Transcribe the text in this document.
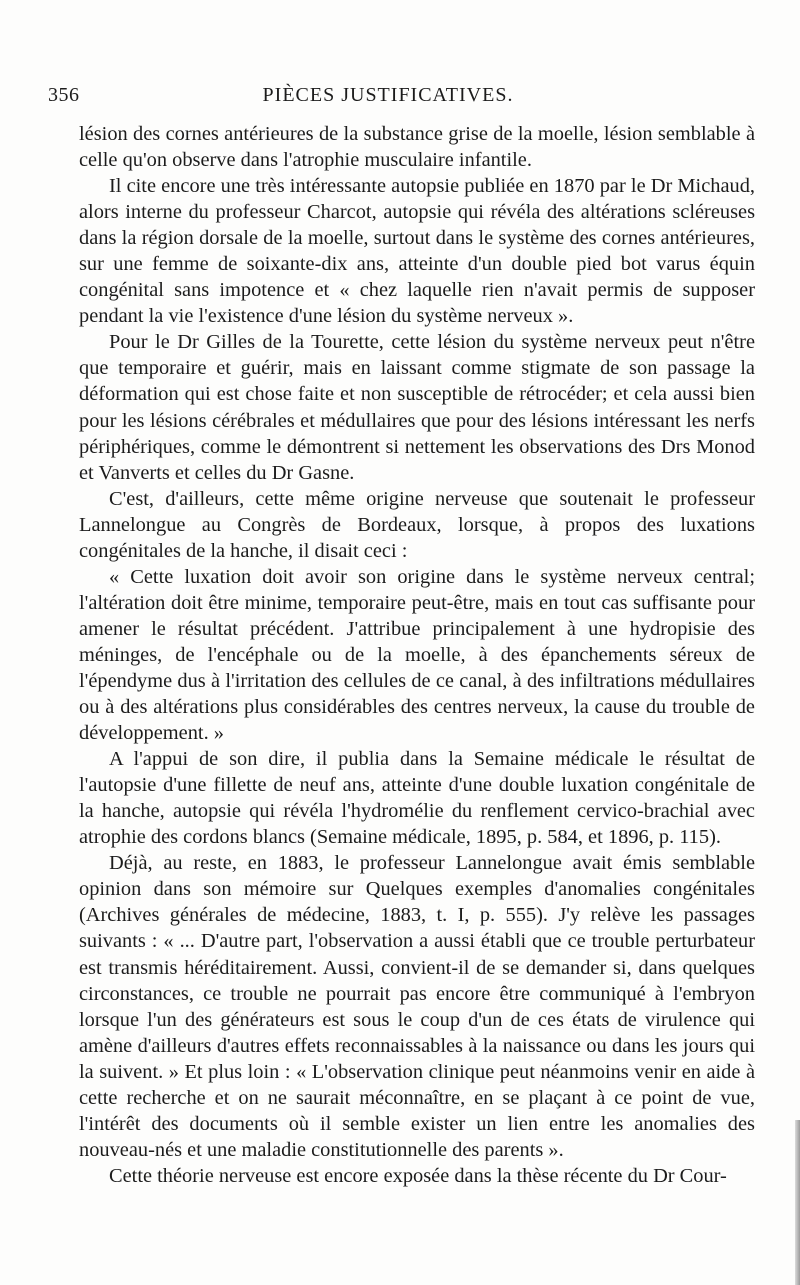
356	PIÈCES JUSTIFICATIVES.

lésion des cornes antérieures de la substance grise de la moelle, lésion semblable à celle qu'on observe dans l'atrophie musculaire infantile.

Il cite encore une très intéressante autopsie publiée en 1870 par le Dr Michaud, alors interne du professeur Charcot, autopsie qui révéla des altérations scléreuses dans la région dorsale de la moelle, surtout dans le système des cornes antérieures, sur une femme de soixante-dix ans, atteinte d'un double pied bot varus équin congénital sans impotence et « chez laquelle rien n'avait permis de supposer pendant la vie l'existence d'une lésion du système nerveux ».

Pour le Dr Gilles de la Tourette, cette lésion du système nerveux peut n'être que temporaire et guérir, mais en laissant comme stigmate de son passage la déformation qui est chose faite et non susceptible de rétrocéder; et cela aussi bien pour les lésions cérébrales et médullaires que pour des lésions intéressant les nerfs périphériques, comme le démontrent si nettement les observations des Drs Monod et Vanverts et celles du Dr Gasne.

C'est, d'ailleurs, cette même origine nerveuse que soutenait le professeur Lannelongue au Congrès de Bordeaux, lorsque, à propos des luxations congénitales de la hanche, il disait ceci :

« Cette luxation doit avoir son origine dans le système nerveux central; l'altération doit être minime, temporaire peut-être, mais en tout cas suffisante pour amener le résultat précédent. J'attribue principalement à une hydropisie des méninges, de l'encéphale ou de la moelle, à des épanchements séreux de l'épendyme dus à l'irritation des cellules de ce canal, à des infiltrations médullaires ou à des altérations plus considérables des centres nerveux, la cause du trouble de développement. »

A l'appui de son dire, il publia dans la Semaine médicale le résultat de l'autopsie d'une fillette de neuf ans, atteinte d'une double luxation congénitale de la hanche, autopsie qui révéla l'hydromélie du renflement cervico-brachial avec atrophie des cordons blancs (Semaine médicale, 1895, p. 584, et 1896, p. 115).

Déjà, au reste, en 1883, le professeur Lannelongue avait émis semblable opinion dans son mémoire sur Quelques exemples d'anomalies congénitales (Archives générales de médecine, 1883, t. I, p. 555). J'y relève les passages suivants : « ... D'autre part, l'observation a aussi établi que ce trouble perturbateur est transmis héréditairement. Aussi, convient-il de se demander si, dans quelques circonstances, ce trouble ne pourrait pas encore être communiqué à l'embryon lorsque l'un des générateurs est sous le coup d'un de ces états de virulence qui amène d'ailleurs d'autres effets reconnaissables à la naissance ou dans les jours qui la suivent. » Et plus loin : « L'observation clinique peut néanmoins venir en aide à cette recherche et on ne saurait méconnaître, en se plaçant à ce point de vue, l'intérêt des documents où il semble exister un lien entre les anomalies des nouveau-nés et une maladie constitutionnelle des parents ».

Cette théorie nerveuse est encore exposée dans la thèse récente du Dr Cour-
